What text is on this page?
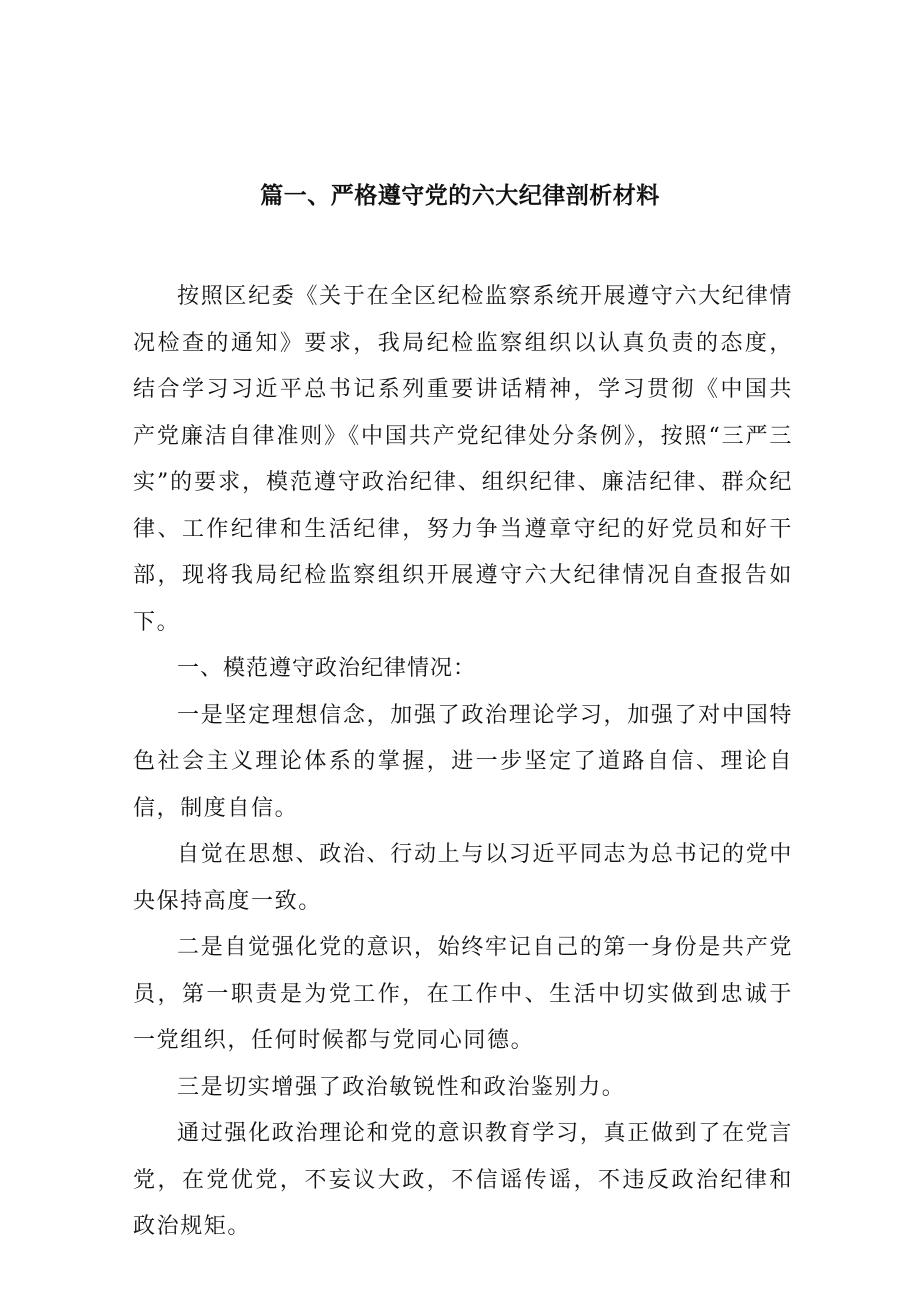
篇一、严格遵守党的六大纪律剖析材料

按照区纪委《关于在全区纪检监察系统开展遵守六大纪律情况检查的通知》要求，我局纪检监察组织以认真负责的态度，结合学习习近平总书记系列重要讲话精神，学习贯彻《中国共产党廉洁自律准则》《中国共产党纪律处分条例》，按照“三严三实”的要求，模范遵守政治纪律、组织纪律、廉洁纪律、群众纪律、工作纪律和生活纪律，努力争当遵章守纪的好党员和好干部，现将我局纪检监察组织开展遵守六大纪律情况自查报告如下。

一、模范遵守政治纪律情况：

一是坚定理想信念，加强了政治理论学习，加强了对中国特色社会主义理论体系的掌握，进一步坚定了道路自信、理论自信，制度自信。

自觉在思想、政治、行动上与以习近平同志为总书记的党中央保持高度一致。

二是自觉强化党的意识，始终牢记自己的第一身份是共产党员，第一职责是为党工作，在工作中、生活中切实做到忠诚于一党组织，任何时候都与党同心同德。

三是切实增强了政治敏锐性和政治鉴别力。

通过强化政治理论和党的意识教育学习，真正做到了在党言党，在党优党，不妄议大政，不信谣传谣，不违反政治纪律和政治规矩。
